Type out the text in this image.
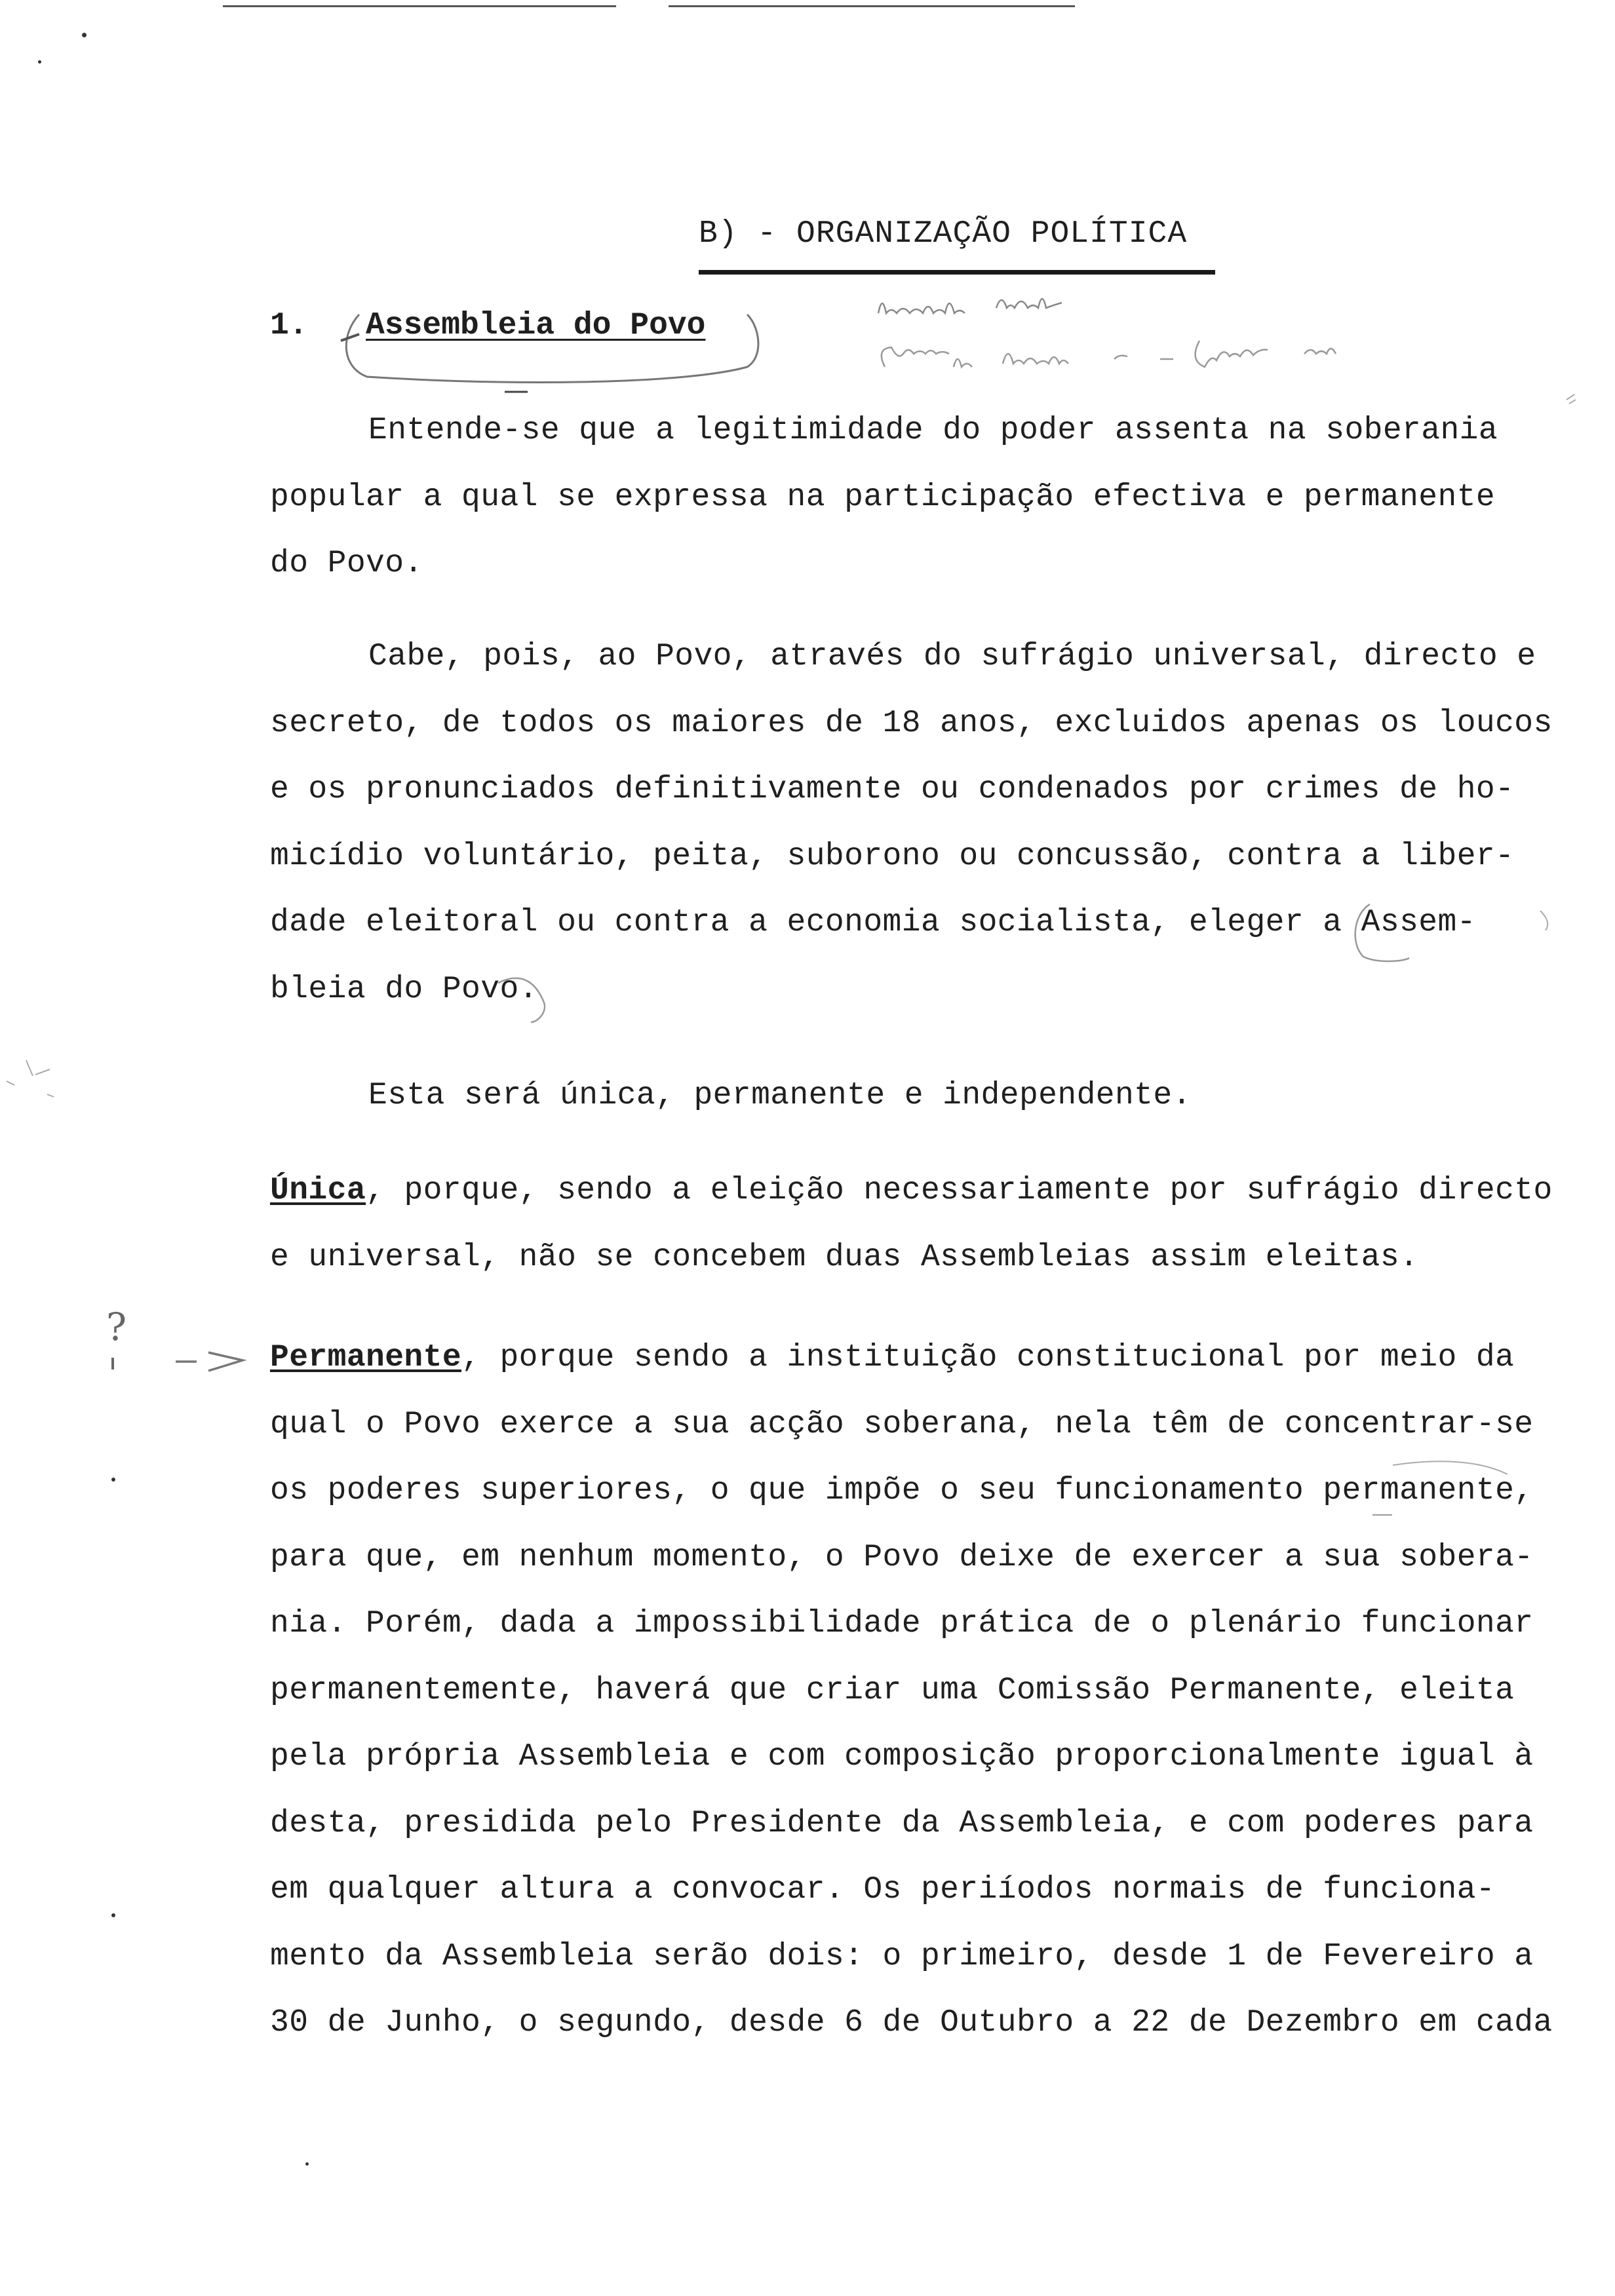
B) - ORGANIZAÇÃO POLÍTICA
1. Assembleia do Povo
?
Entende-se que a legitimidade do poder assenta na soberania
popular a qual se expressa na participação efectiva e permanente
do Povo.
Cabe, pois, ao Povo, através do sufrágio universal, directo e
secreto, de todos os maiores de 18 anos, excluidos apenas os loucos
e os pronunciados definitivamente ou condenados por crimes de ho-
micídio voluntário, peita, suborono ou concussão, contra a liber-
dade eleitoral ou contra a economia socialista, eleger a Assem-
bleia do Povo.
Esta será única, permanente e independente.
Única, porque, sendo a eleição necessariamente por sufrágio directo
e universal, não se concebem duas Assembleias assim eleitas.
Permanente, porque sendo a instituição constitucional por meio da
qual o Povo exerce a sua acção soberana, nela têm de concentrar-se
os poderes superiores, o que impõe o seu funcionamento permanente,
para que, em nenhum momento, o Povo deixe de exercer a sua sobera-
nia. Porém, dada a impossibilidade prática de o plenário funcionar
permanentemente, haverá que criar uma Comissão Permanente, eleita
pela própria Assembleia e com composição proporcionalmente igual à
desta, presidida pelo Presidente da Assembleia, e com poderes para
em qualquer altura a convocar. Os periíodos normais de funciona-
mento da Assembleia serão dois: o primeiro, desde 1 de Fevereiro a
30 de Junho, o segundo, desde 6 de Outubro a 22 de Dezembro em cada
